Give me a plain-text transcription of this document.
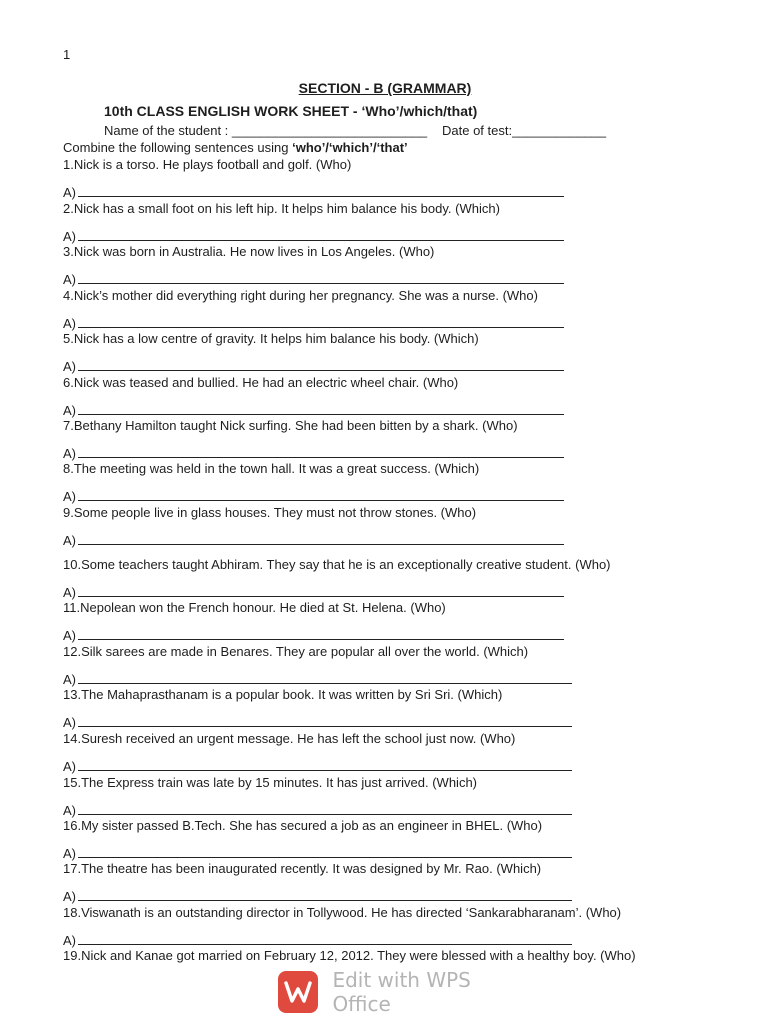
1
SECTION - B (GRAMMAR)
10th CLASS ENGLISH WORK SHEET - ‘Who’/which/that)
Name of the student : ___________________________ Date of test:_____________
Combine the following sentences using ‘who’/‘which’/‘that’
1.Nick is a torso. He plays football and golf. (Who)
A)
2.Nick has a small foot on his left hip. It helps him balance his body. (Which)
A)
3.Nick was born in Australia. He now lives in Los Angeles. (Who)
A)
4.Nick’s mother did everything right during her pregnancy. She was a nurse. (Who)
A)
5.Nick has a low centre of gravity. It helps him balance his body. (Which)
A)
6.Nick was teased and bullied. He had an electric wheel chair. (Who)
A)
7.Bethany Hamilton taught Nick surfing. She had been bitten by a shark. (Who)
A)
8.The meeting was held in the town hall. It was a great success. (Which)
A)
9.Some people live in glass houses. They must not throw stones. (Who)
A)
10.Some teachers taught Abhiram. They say that he is an exceptionally creative student. (Who)
A)
11.Nepolean won the French honour. He died at St. Helena. (Who)
A)
12.Silk sarees are made in Benares. They are popular all over the world. (Which)
A)
13.The Mahaprasthanam is a popular book. It was written by Sri Sri. (Which)
A)
14.Suresh received an urgent message. He has left the school just now. (Who)
A)
15.The Express train was late by 15 minutes. It has just arrived. (Which)
A)
16.My sister passed B.Tech. She has secured a job as an engineer in BHEL. (Who)
A)
17.The theatre has been inaugurated recently. It was designed by Mr. Rao. (Which)
A)
18.Viswanath is an outstanding director in Tollywood. He has directed ‘Sankarabharanam’. (Who)
A)
19.Nick and Kanae got married on February 12, 2012. They were blessed with a healthy boy. (Who)
Edit with WPS Office
